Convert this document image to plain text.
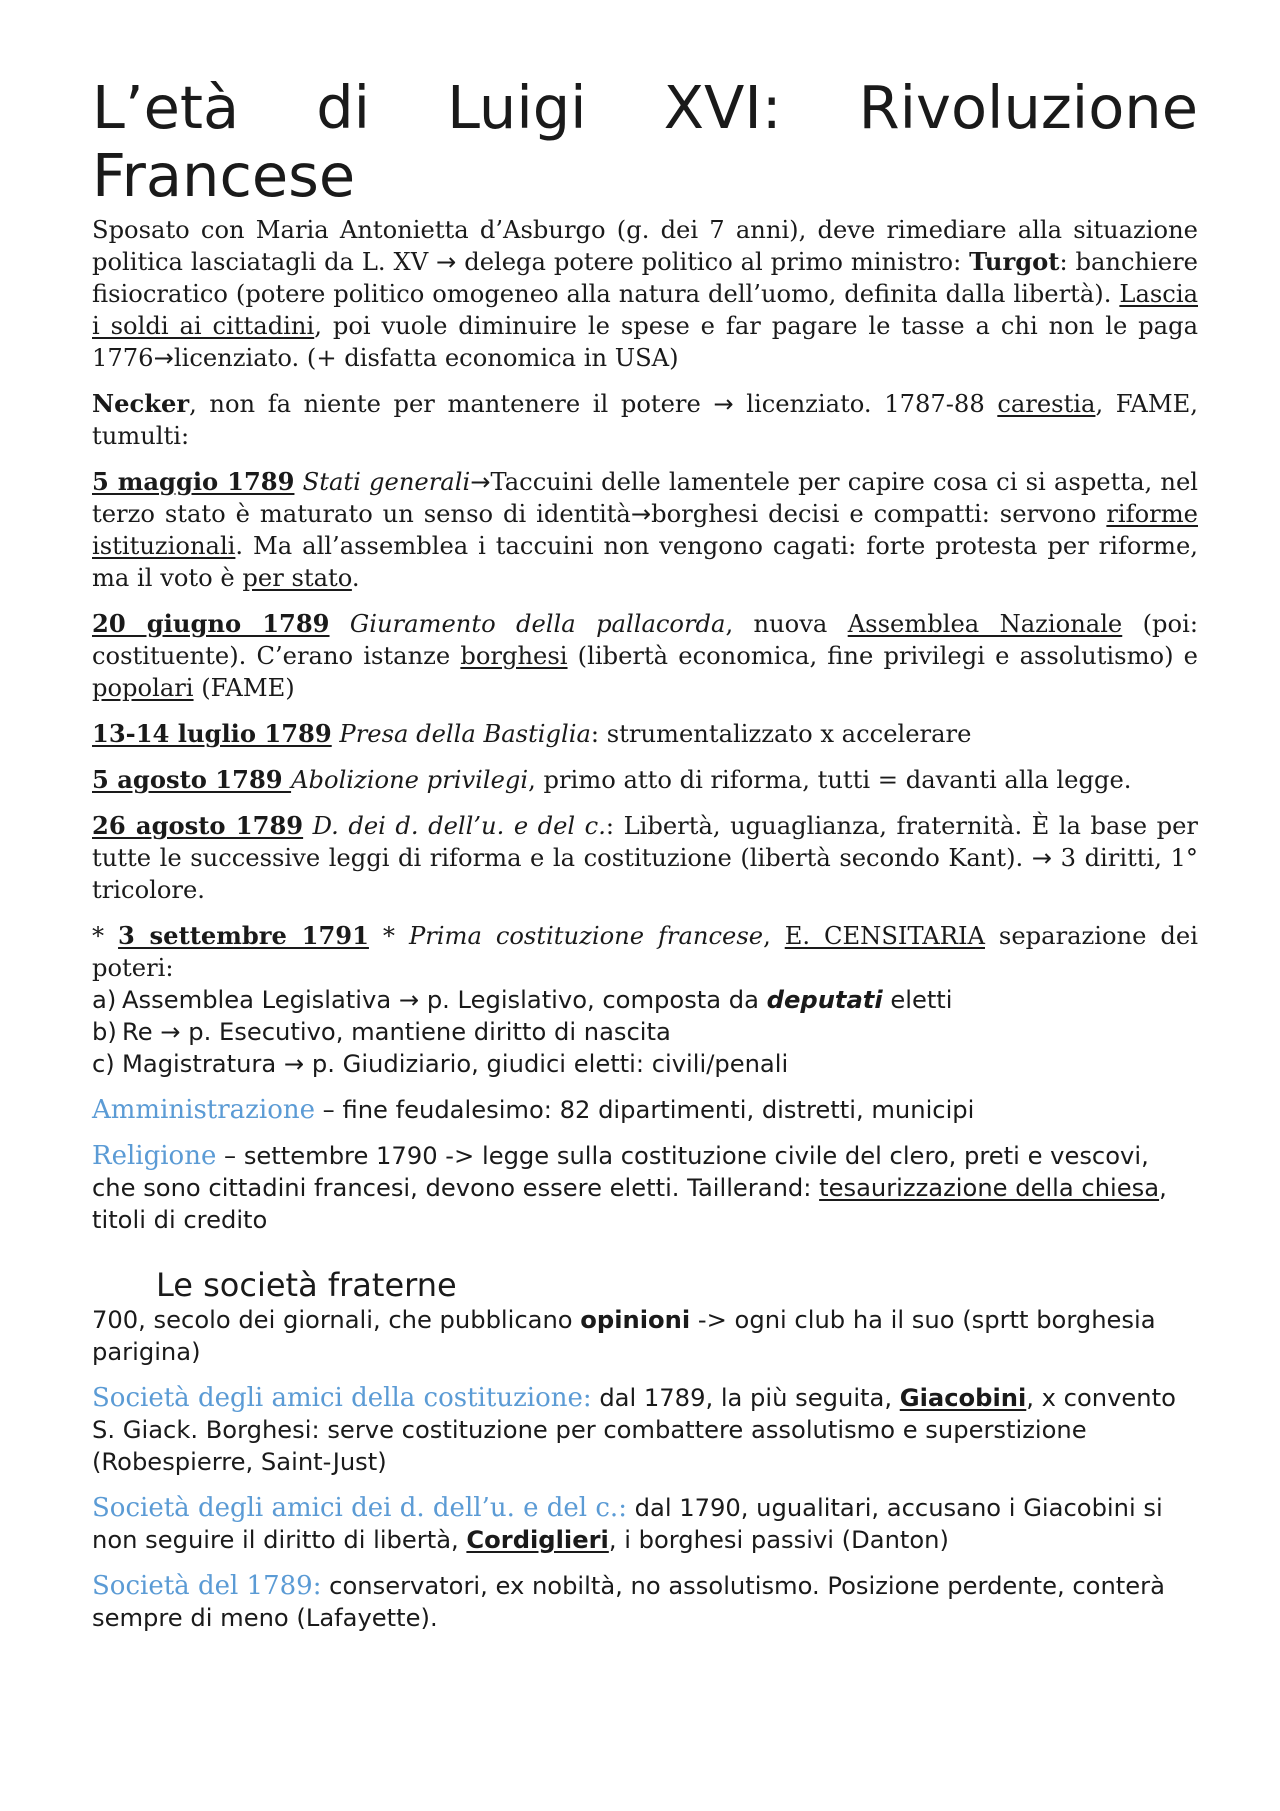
L’età di Luigi XVI: Rivoluzione
Francese

Sposato con Maria Antonietta d’Asburgo (g. dei 7 anni), deve rimediare alla situazione politica lasciatagli da L. XV → delega potere politico al primo ministro: Turgot: banchiere fisiocratico (potere politico omogeneo alla natura dell’uomo, definita dalla libertà). Lascia i soldi ai cittadini, poi vuole diminuire le spese e far pagare le tasse a chi non le paga 1776→licenziato. (+ disfatta economica in USA)

Necker, non fa niente per mantenere il potere → licenziato. 1787-88 carestia, FAME, tumulti:

5 maggio 1789 Stati generali→Taccuini delle lamentele per capire cosa ci si aspetta, nel terzo stato è maturato un senso di identità→borghesi decisi e compatti: servono riforme istituzionali. Ma all’assemblea i taccuini non vengono cagati: forte protesta per riforme, ma il voto è per stato.

20 giugno 1789 Giuramento della pallacorda, nuova Assemblea Nazionale (poi: costituente). C’erano istanze borghesi (libertà economica, fine privilegi e assolutismo) e popolari (FAME)

13-14 luglio 1789 Presa della Bastiglia: strumentalizzato x accelerare

5 agosto 1789 Abolizione privilegi, primo atto di riforma, tutti = davanti alla legge.

26 agosto 1789 D. dei d. dell’u. e del c.: Libertà, uguaglianza, fraternità. È la base per tutte le successive leggi di riforma e la costituzione (libertà secondo Kant). → 3 diritti, 1° tricolore.

* 3 settembre 1791 * Prima costituzione francese, E. CENSITARIA separazione dei poteri:

a) Assemblea Legislativa → p. Legislativo, composta da deputati eletti
b) Re → p. Esecutivo, mantiene diritto di nascita
c) Magistratura → p. Giudiziario, giudici eletti: civili/penali

Amministrazione – fine feudalesimo: 82 dipartimenti, distretti, municipi

Religione – settembre 1790 -> legge sulla costituzione civile del clero, preti e vescovi, che sono cittadini francesi, devono essere eletti. Taillerand: tesaurizzazione della chiesa, titoli di credito

Le società fraterne

700, secolo dei giornali, che pubblicano opinioni -> ogni club ha il suo (sprtt borghesia parigina)

Società degli amici della costituzione: dal 1789, la più seguita, Giacobini, x convento S. Giack. Borghesi: serve costituzione per combattere assolutismo e superstizione (Robespierre, Saint-Just)

Società degli amici dei d. dell’u. e del c.: dal 1790, ugualitari, accusano i Giacobini si non seguire il diritto di libertà, Cordiglieri, i borghesi passivi (Danton)

Società del 1789: conservatori, ex nobiltà, no assolutismo. Posizione perdente, conterà sempre di meno (Lafayette).
